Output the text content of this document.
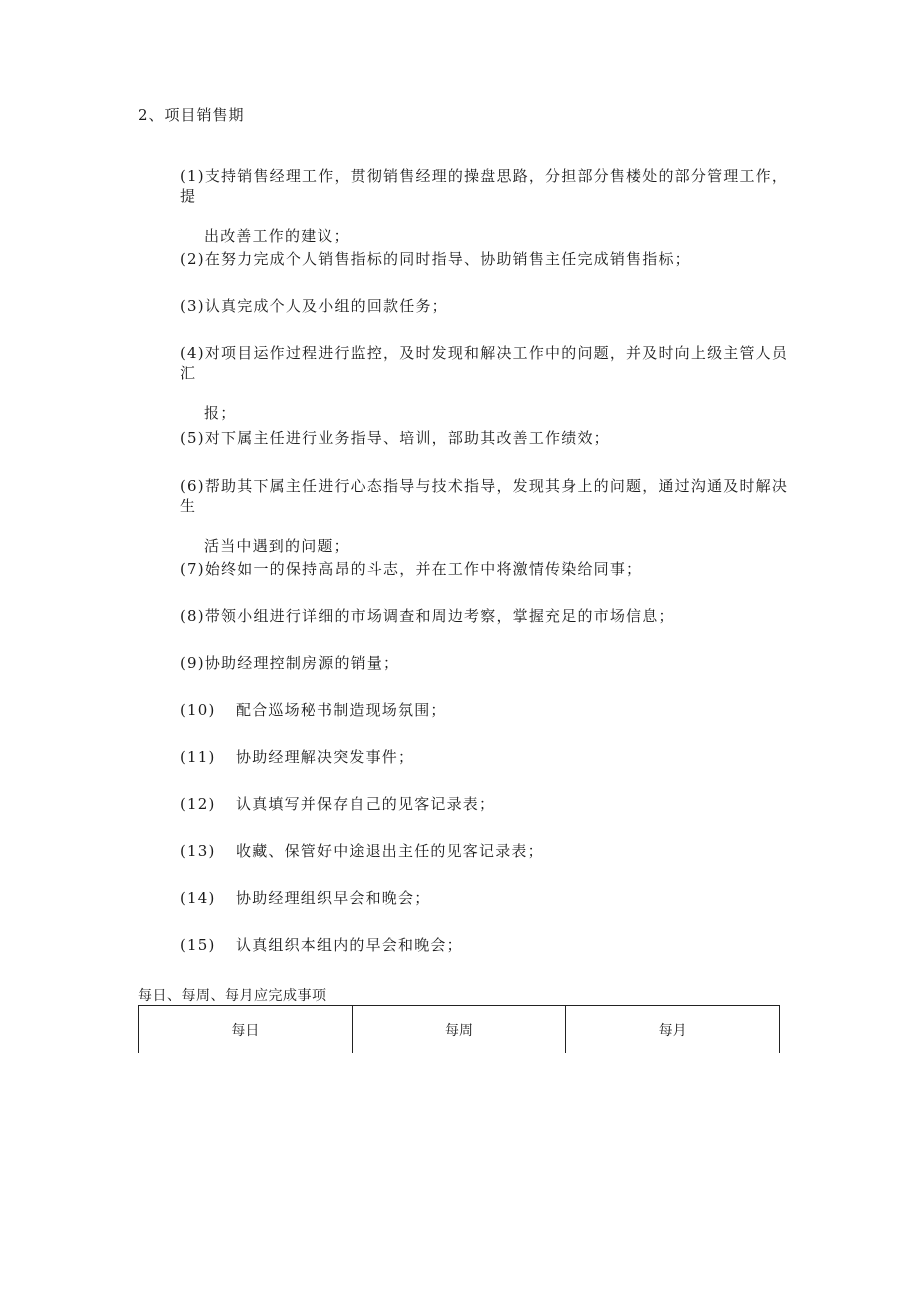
2、项目销售期
(1)支持销售经理工作，贯彻销售经理的操盘思路，分担部分售楼处的部分管理工作，提
出改善工作的建议；
(2)在努力完成个人销售指标的同时指导、协助销售主任完成销售指标；
(3)认真完成个人及小组的回款任务；
(4)对项目运作过程进行监控，及时发现和解决工作中的问题，并及时向上级主管人员汇
报；
(5)对下属主任进行业务指导、培训，部助其改善工作绩效；
(6)帮助其下属主任进行心态指导与技术指导，发现其身上的问题，通过沟通及时解决生
活当中遇到的问题；
(7)始终如一的保持高昂的斗志，并在工作中将激情传染给同事；
(8)带领小组进行详细的市场调查和周边考察，掌握充足的市场信息；
(9)协助经理控制房源的销量；
(10) 配合巡场秘书制造现场氛围；
(11) 协助经理解决突发事件；
(12) 认真填写并保存自己的见客记录表；
(13) 收藏、保管好中途退出主任的见客记录表；
(14) 协助经理组织早会和晚会；
(15) 认真组织本组内的早会和晚会；
每日、每周、每月应完成事项
每日	每周	每月
